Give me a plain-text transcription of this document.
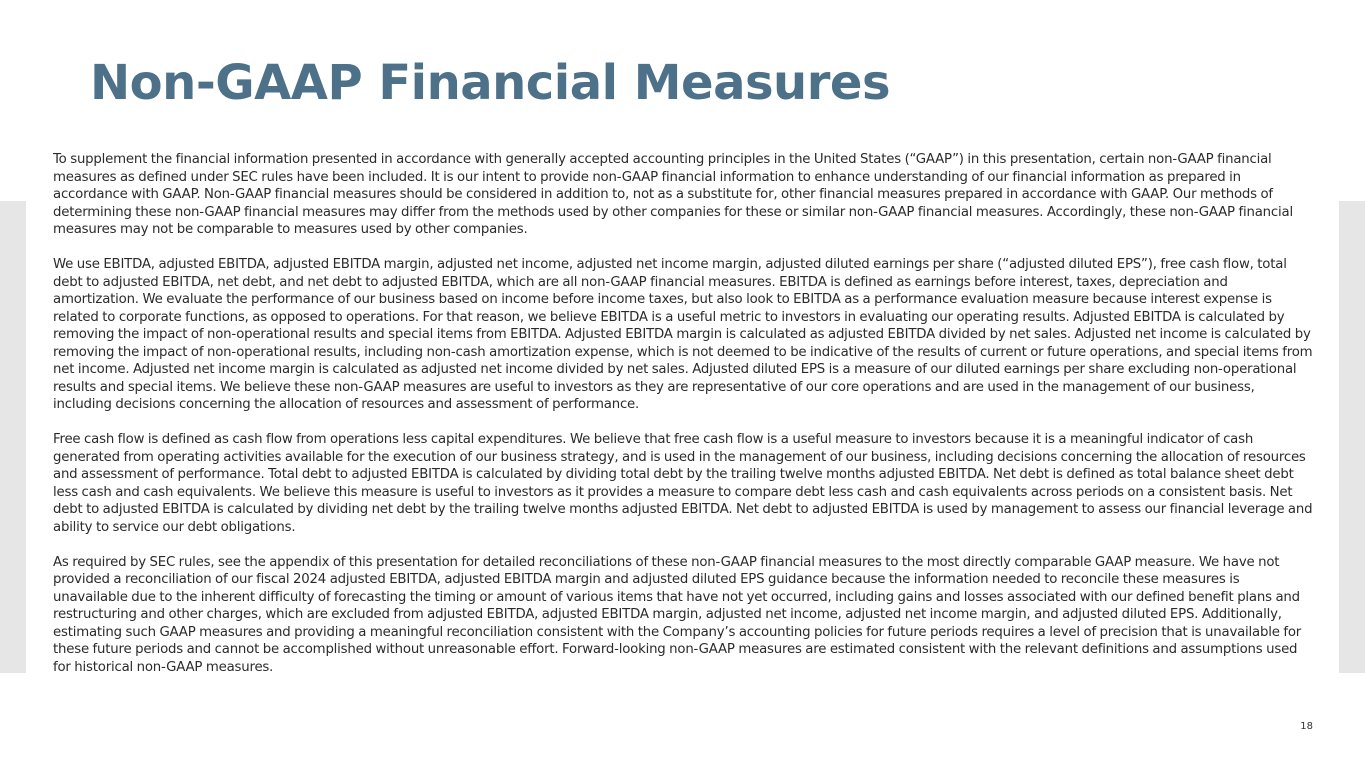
Non-GAAP Financial Measures

To supplement the financial information presented in accordance with generally accepted accounting principles in the United States (“GAAP”) in this presentation, certain non-GAAP financial measures as defined under SEC rules have been included. It is our intent to provide non-GAAP financial information to enhance understanding of our financial information as prepared in accordance with GAAP. Non-GAAP financial measures should be considered in addition to, not as a substitute for, other financial measures prepared in accordance with GAAP. Our methods of determining these non-GAAP financial measures may differ from the methods used by other companies for these or similar non-GAAP financial measures. Accordingly, these non-GAAP financial measures may not be comparable to measures used by other companies.

We use EBITDA, adjusted EBITDA, adjusted EBITDA margin, adjusted net income, adjusted net income margin, adjusted diluted earnings per share (“adjusted diluted EPS”), free cash flow, total debt to adjusted EBITDA, net debt, and net debt to adjusted EBITDA, which are all non-GAAP financial measures. EBITDA is defined as earnings before interest, taxes, depreciation and amortization. We evaluate the performance of our business based on income before income taxes, but also look to EBITDA as a performance evaluation measure because interest expense is related to corporate functions, as opposed to operations. For that reason, we believe EBITDA is a useful metric to investors in evaluating our operating results. Adjusted EBITDA is calculated by removing the impact of non-operational results and special items from EBITDA. Adjusted EBITDA margin is calculated as adjusted EBITDA divided by net sales. Adjusted net income is calculated by removing the impact of non-operational results, including non-cash amortization expense, which is not deemed to be indicative of the results of current or future operations, and special items from net income. Adjusted net income margin is calculated as adjusted net income divided by net sales. Adjusted diluted EPS is a measure of our diluted earnings per share excluding non-operational results and special items. We believe these non-GAAP measures are useful to investors as they are representative of our core operations and are used in the management of our business, including decisions concerning the allocation of resources and assessment of performance.

Free cash flow is defined as cash flow from operations less capital expenditures. We believe that free cash flow is a useful measure to investors because it is a meaningful indicator of cash generated from operating activities available for the execution of our business strategy, and is used in the management of our business, including decisions concerning the allocation of resources and assessment of performance. Total debt to adjusted EBITDA is calculated by dividing total debt by the trailing twelve months adjusted EBITDA. Net debt is defined as total balance sheet debt less cash and cash equivalents. We believe this measure is useful to investors as it provides a measure to compare debt less cash and cash equivalents across periods on a consistent basis. Net debt to adjusted EBITDA is calculated by dividing net debt by the trailing twelve months adjusted EBITDA. Net debt to adjusted EBITDA is used by management to assess our financial leverage and ability to service our debt obligations.

As required by SEC rules, see the appendix of this presentation for detailed reconciliations of these non-GAAP financial measures to the most directly comparable GAAP measure. We have not provided a reconciliation of our fiscal 2024 adjusted EBITDA, adjusted EBITDA margin and adjusted diluted EPS guidance because the information needed to reconcile these measures is unavailable due to the inherent difficulty of forecasting the timing or amount of various items that have not yet occurred, including gains and losses associated with our defined benefit plans and restructuring and other charges, which are excluded from adjusted EBITDA, adjusted EBITDA margin, adjusted net income, adjusted net income margin, and adjusted diluted EPS. Additionally, estimating such GAAP measures and providing a meaningful reconciliation consistent with the Company’s accounting policies for future periods requires a level of precision that is unavailable for these future periods and cannot be accomplished without unreasonable effort. Forward-looking non-GAAP measures are estimated consistent with the relevant definitions and assumptions used for historical non-GAAP measures.

18
